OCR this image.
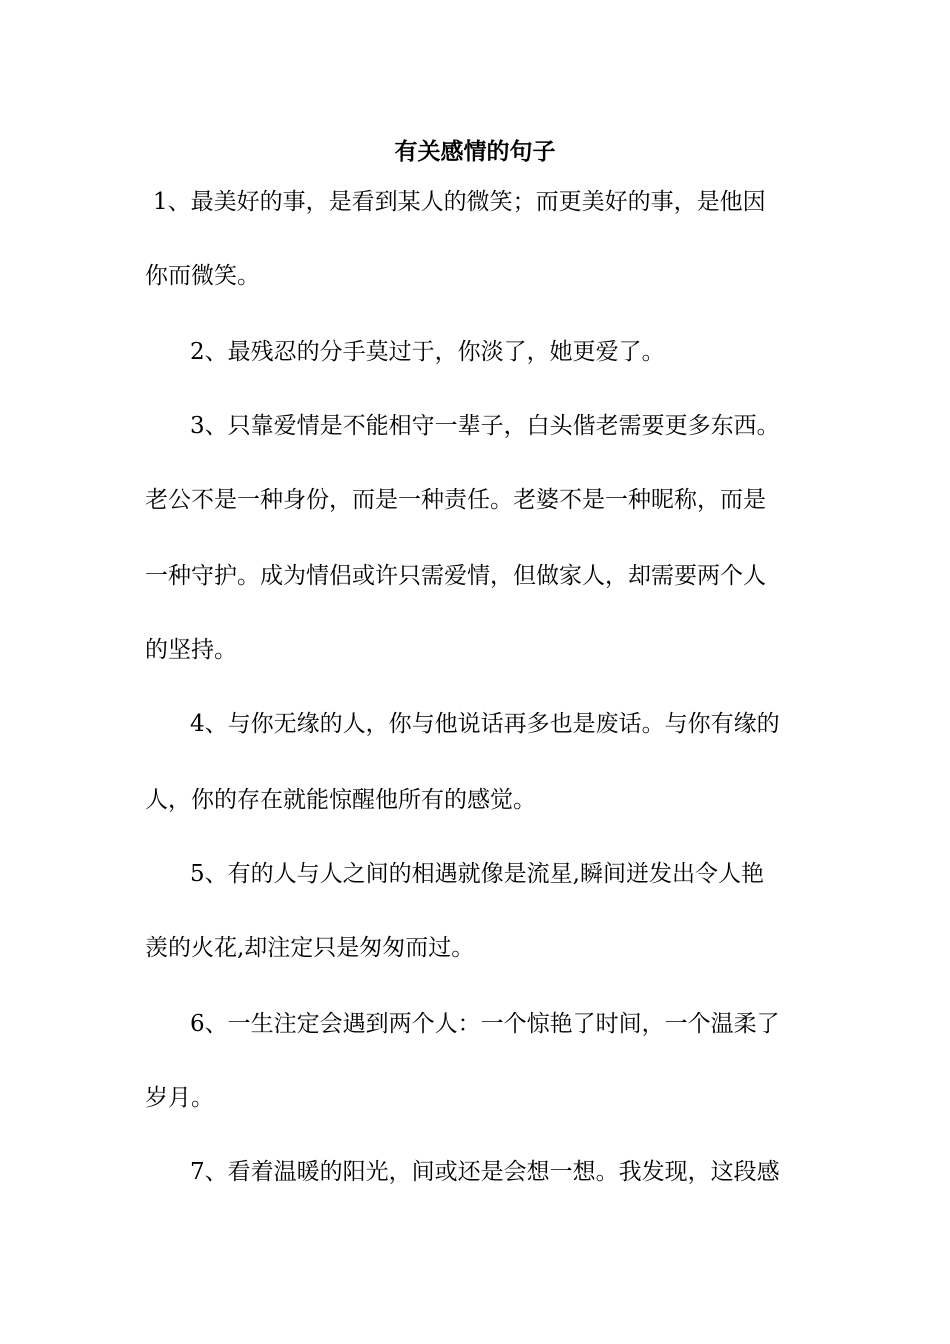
有关感情的句子
1、最美好的事，是看到某人的微笑；而更美好的事，是他因
你而微笑。
2、最残忍的分手莫过于，你淡了，她更爱了。
3、只靠爱情是不能相守一辈子，白头偕老需要更多东西。
老公不是一种身份，而是一种责任。老婆不是一种昵称，而是
一种守护。成为情侣或许只需爱情，但做家人，却需要两个人
的坚持。
4、与你无缘的人，你与他说话再多也是废话。与你有缘的
人，你的存在就能惊醒他所有的感觉。
5、有的人与人之间的相遇就像是流星,瞬间迸发出令人艳
羡的火花,却注定只是匆匆而过。
6、一生注定会遇到两个人：一个惊艳了时间，一个温柔了
岁月。
7、看着温暖的阳光，间或还是会想一想。我发现，这段感
